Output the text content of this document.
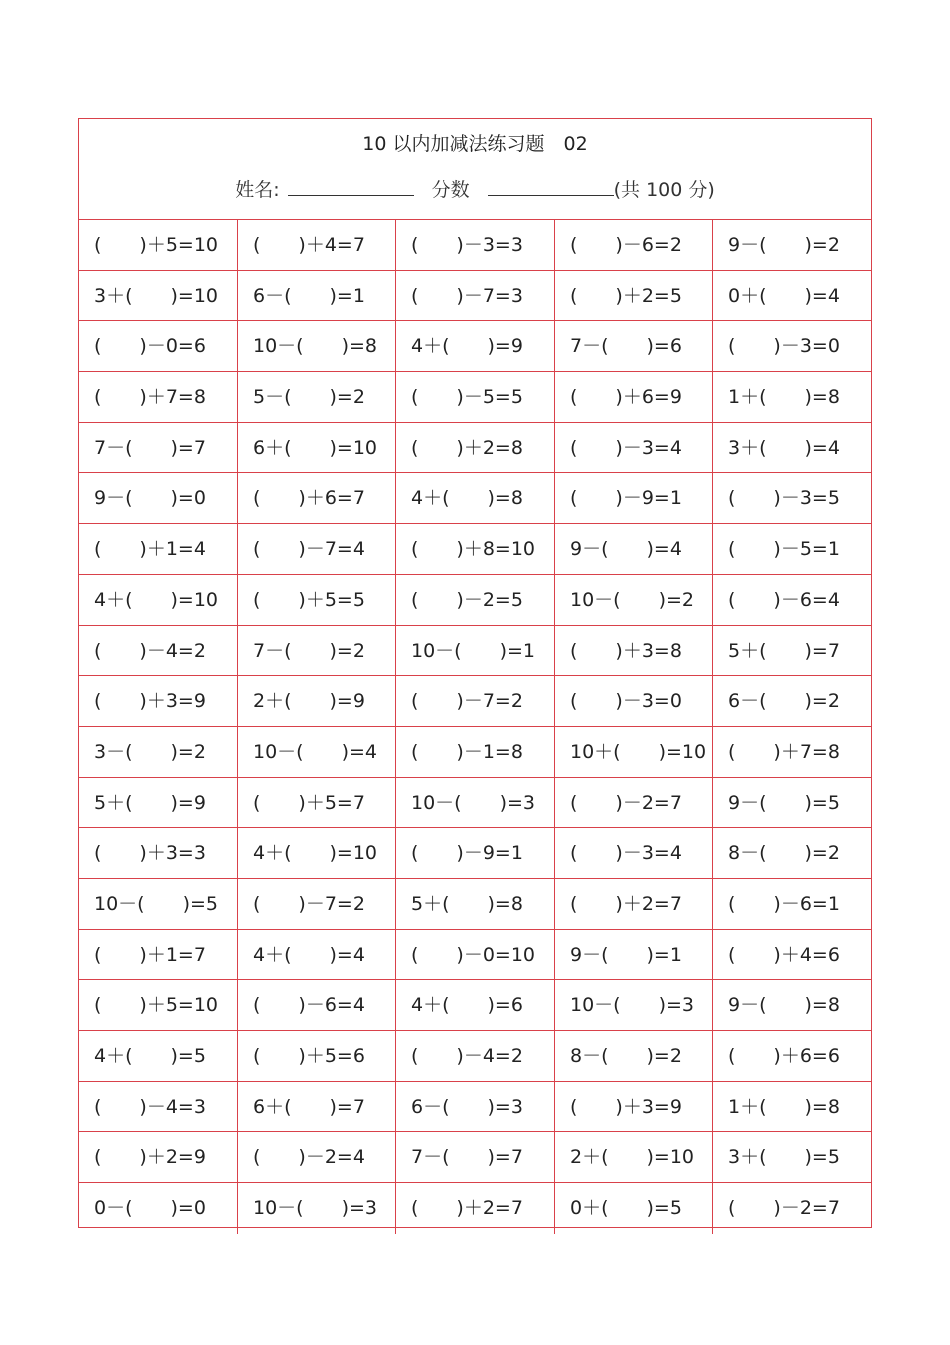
10 以内加减法练习题　02
姓名:	分数	(共 100 分)
(　　)＋5=10 (　　)＋4=7 (　　)－3=3 (　　)－6=2 9－(　　)=2
3＋(　　)=10 6－(　　)=1 (　　)－7=3 (　　)＋2=5 0＋(　　)=4
(　　)－0=6 10－(　　)=8 4＋(　　)=9 7－(　　)=6 (　　)－3=0
(　　)＋7=8 5－(　　)=2 (　　)－5=5 (　　)＋6=9 1＋(　　)=8
7－(　　)=7 6＋(　　)=10 (　　)＋2=8 (　　)－3=4 3＋(　　)=4
9－(　　)=0 (　　)＋6=7 4＋(　　)=8 (　　)－9=1 (　　)－3=5
(　　)＋1=4 (　　)－7=4 (　　)＋8=10 9－(　　)=4 (　　)－5=1
4＋(　　)=10 (　　)＋5=5 (　　)－2=5 10－(　　)=2 (　　)－6=4
(　　)－4=2 7－(　　)=2 10－(　　)=1 (　　)＋3=8 5＋(　　)=7
(　　)＋3=9 2＋(　　)=9 (　　)－7=2 (　　)－3=0 6－(　　)=2
3－(　　)=2 10－(　　)=4 (　　)－1=8 10＋(　　)=10 (　　)＋7=8
5＋(　　)=9 (　　)＋5=7 10－(　　)=3 (　　)－2=7 9－(　　)=5
(　　)＋3=3 4＋(　　)=10 (　　)－9=1 (　　)－3=4 8－(　　)=2
10－(　　)=5 (　　)－7=2 5＋(　　)=8 (　　)＋2=7 (　　)－6=1
(　　)＋1=7 4＋(　　)=4 (　　)－0=10 9－(　　)=1 (　　)＋4=6
(　　)＋5=10 (　　)－6=4 4＋(　　)=6 10－(　　)=3 9－(　　)=8
4＋(　　)=5 (　　)＋5=6 (　　)－4=2 8－(　　)=2 (　　)＋6=6
(　　)－4=3 6＋(　　)=7 6－(　　)=3 (　　)＋3=9 1＋(　　)=8
(　　)＋2=9 (　　)－2=4 7－(　　)=7 2＋(　　)=10 3＋(　　)=5
0－(　　)=0 10－(　　)=3 (　　)＋2=7 0＋(　　)=5 (　　)－2=7
